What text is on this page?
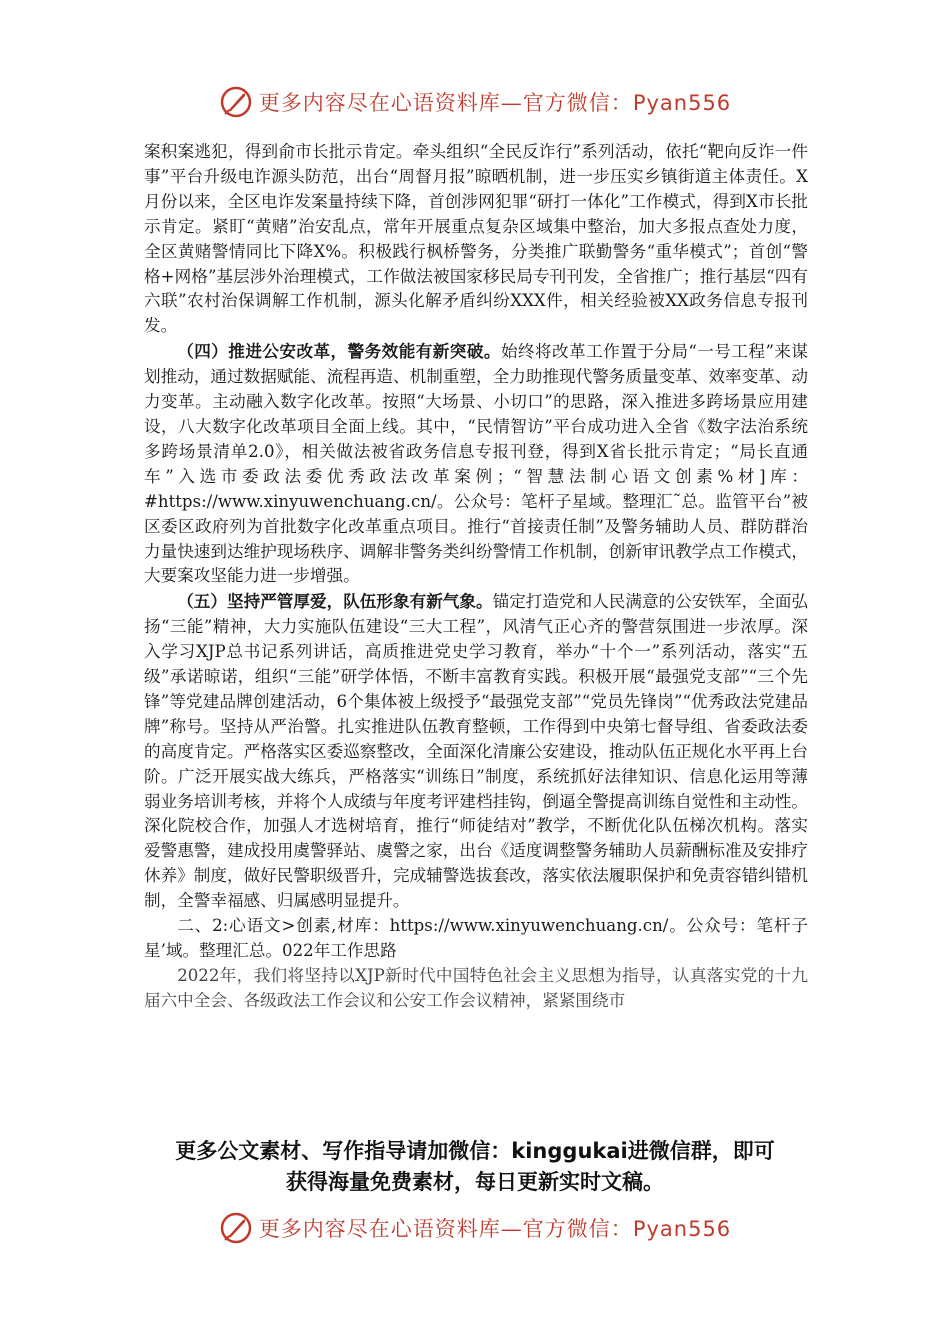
更多内容尽在心语资料库—官方微信：Pyan556

案积案逃犯，得到俞市长批示肯定。牵头组织“全民反诈行”系列活动，依托“靶向反诈一件事”平台升级电诈源头防范，出台“周督月报”晾晒机制，进一步压实乡镇街道主体责任。X月份以来，全区电诈发案量持续下降，首创涉网犯罪“研打一体化”工作模式，得到X市长批示肯定。紧盯“黄赌”治安乱点，常年开展重点复杂区域集中整治，加大多报点查处力度，全区黄赌警情同比下降X%。积极践行枫桥警务，分类推广联勤警务“重华模式”；首创“警格+网格”基层涉外治理模式，工作做法被国家移民局专刊刊发，全省推广；推行基层“四有六联”农村治保调解工作机制，源头化解矛盾纠纷XXX件，相关经验被XX政务信息专报刊发。

（四）推进公安改革，警务效能有新突破。始终将改革工作置于分局“一号工程”来谋划推动，通过数据赋能、流程再造、机制重塑，全力助推现代警务质量变革、效率变革、动力变革。主动融入数字化改革。按照“大场景、小切口”的思路，深入推进多跨场景应用建设，八大数字化改革项目全面上线。其中，“民情智访”平台成功进入全省《数字法治系统多跨场景清单2.0》，相关做法被省政务信息专报刊登，得到X省长批示肯定；“局长直通车”入选市委政法委优秀政法改革案例；“智慧法制心语文创素%材]库：#https://www.xinyuwenchuang.cn/。公众号：笔杆子星域。整理汇˜总。监管平台”被区委区政府列为首批数字化改革重点项目。推行“首接责任制”及警务辅助人员、群防群治力量快速到达维护现场秩序、调解非警务类纠纷警情工作机制，创新审讯教学点工作模式，大要案攻坚能力进一步增强。

（五）坚持严管厚爱，队伍形象有新气象。锚定打造党和人民满意的公安铁军，全面弘扬“三能”精神，大力实施队伍建设“三大工程”，风清气正心齐的警营氛围进一步浓厚。深入学习XJP总书记系列讲话，高质推进党史学习教育，举办“十个一”系列活动，落实“五级”承诺晾诺，组织“三能”研学体悟，不断丰富教育实践。积极开展“最强党支部”“三个先锋”等党建品牌创建活动，6个集体被上级授予“最强党支部”“党员先锋岗”“优秀政法党建品牌”称号。坚持从严治警。扎实推进队伍教育整顿，工作得到中央第七督导组、省委政法委的高度肯定。严格落实区委巡察整改，全面深化清廉公安建设，推动队伍正规化水平再上台阶。广泛开展实战大练兵，严格落实“训练日”制度，系统抓好法律知识、信息化运用等薄弱业务培训考核，并将个人成绩与年度考评建档挂钩，倒逼全警提高训练自觉性和主动性。深化院校合作，加强人才选树培育，推行“师徒结对”教学，不断优化队伍梯次机构。落实爱警惠警，建成投用虞警驿站、虞警之家，出台《适度调整警务辅助人员薪酬标准及安排疗休养》制度，做好民警职级晋升，完成辅警选拔套改，落实依法履职保护和免责容错纠错机制，全警幸福感、归属感明显提升。

二、2:心语文>创素,材库：https://www.xinyuwenchuang.cn/。公众号：笔杆子星’域。整理汇总。022年工作思路

2022年，我们将坚持以XJP新时代中国特色社会主义思想为指导，认真落实党的十九届六中全会、各级政法工作会议和公安工作会议精神，紧紧围绕市

更多公文素材、写作指导请加微信：kinggukai进微信群，即可
获得海量免费素材，每日更新实时文稿。
更多内容尽在心语资料库—官方微信：Pyan556
